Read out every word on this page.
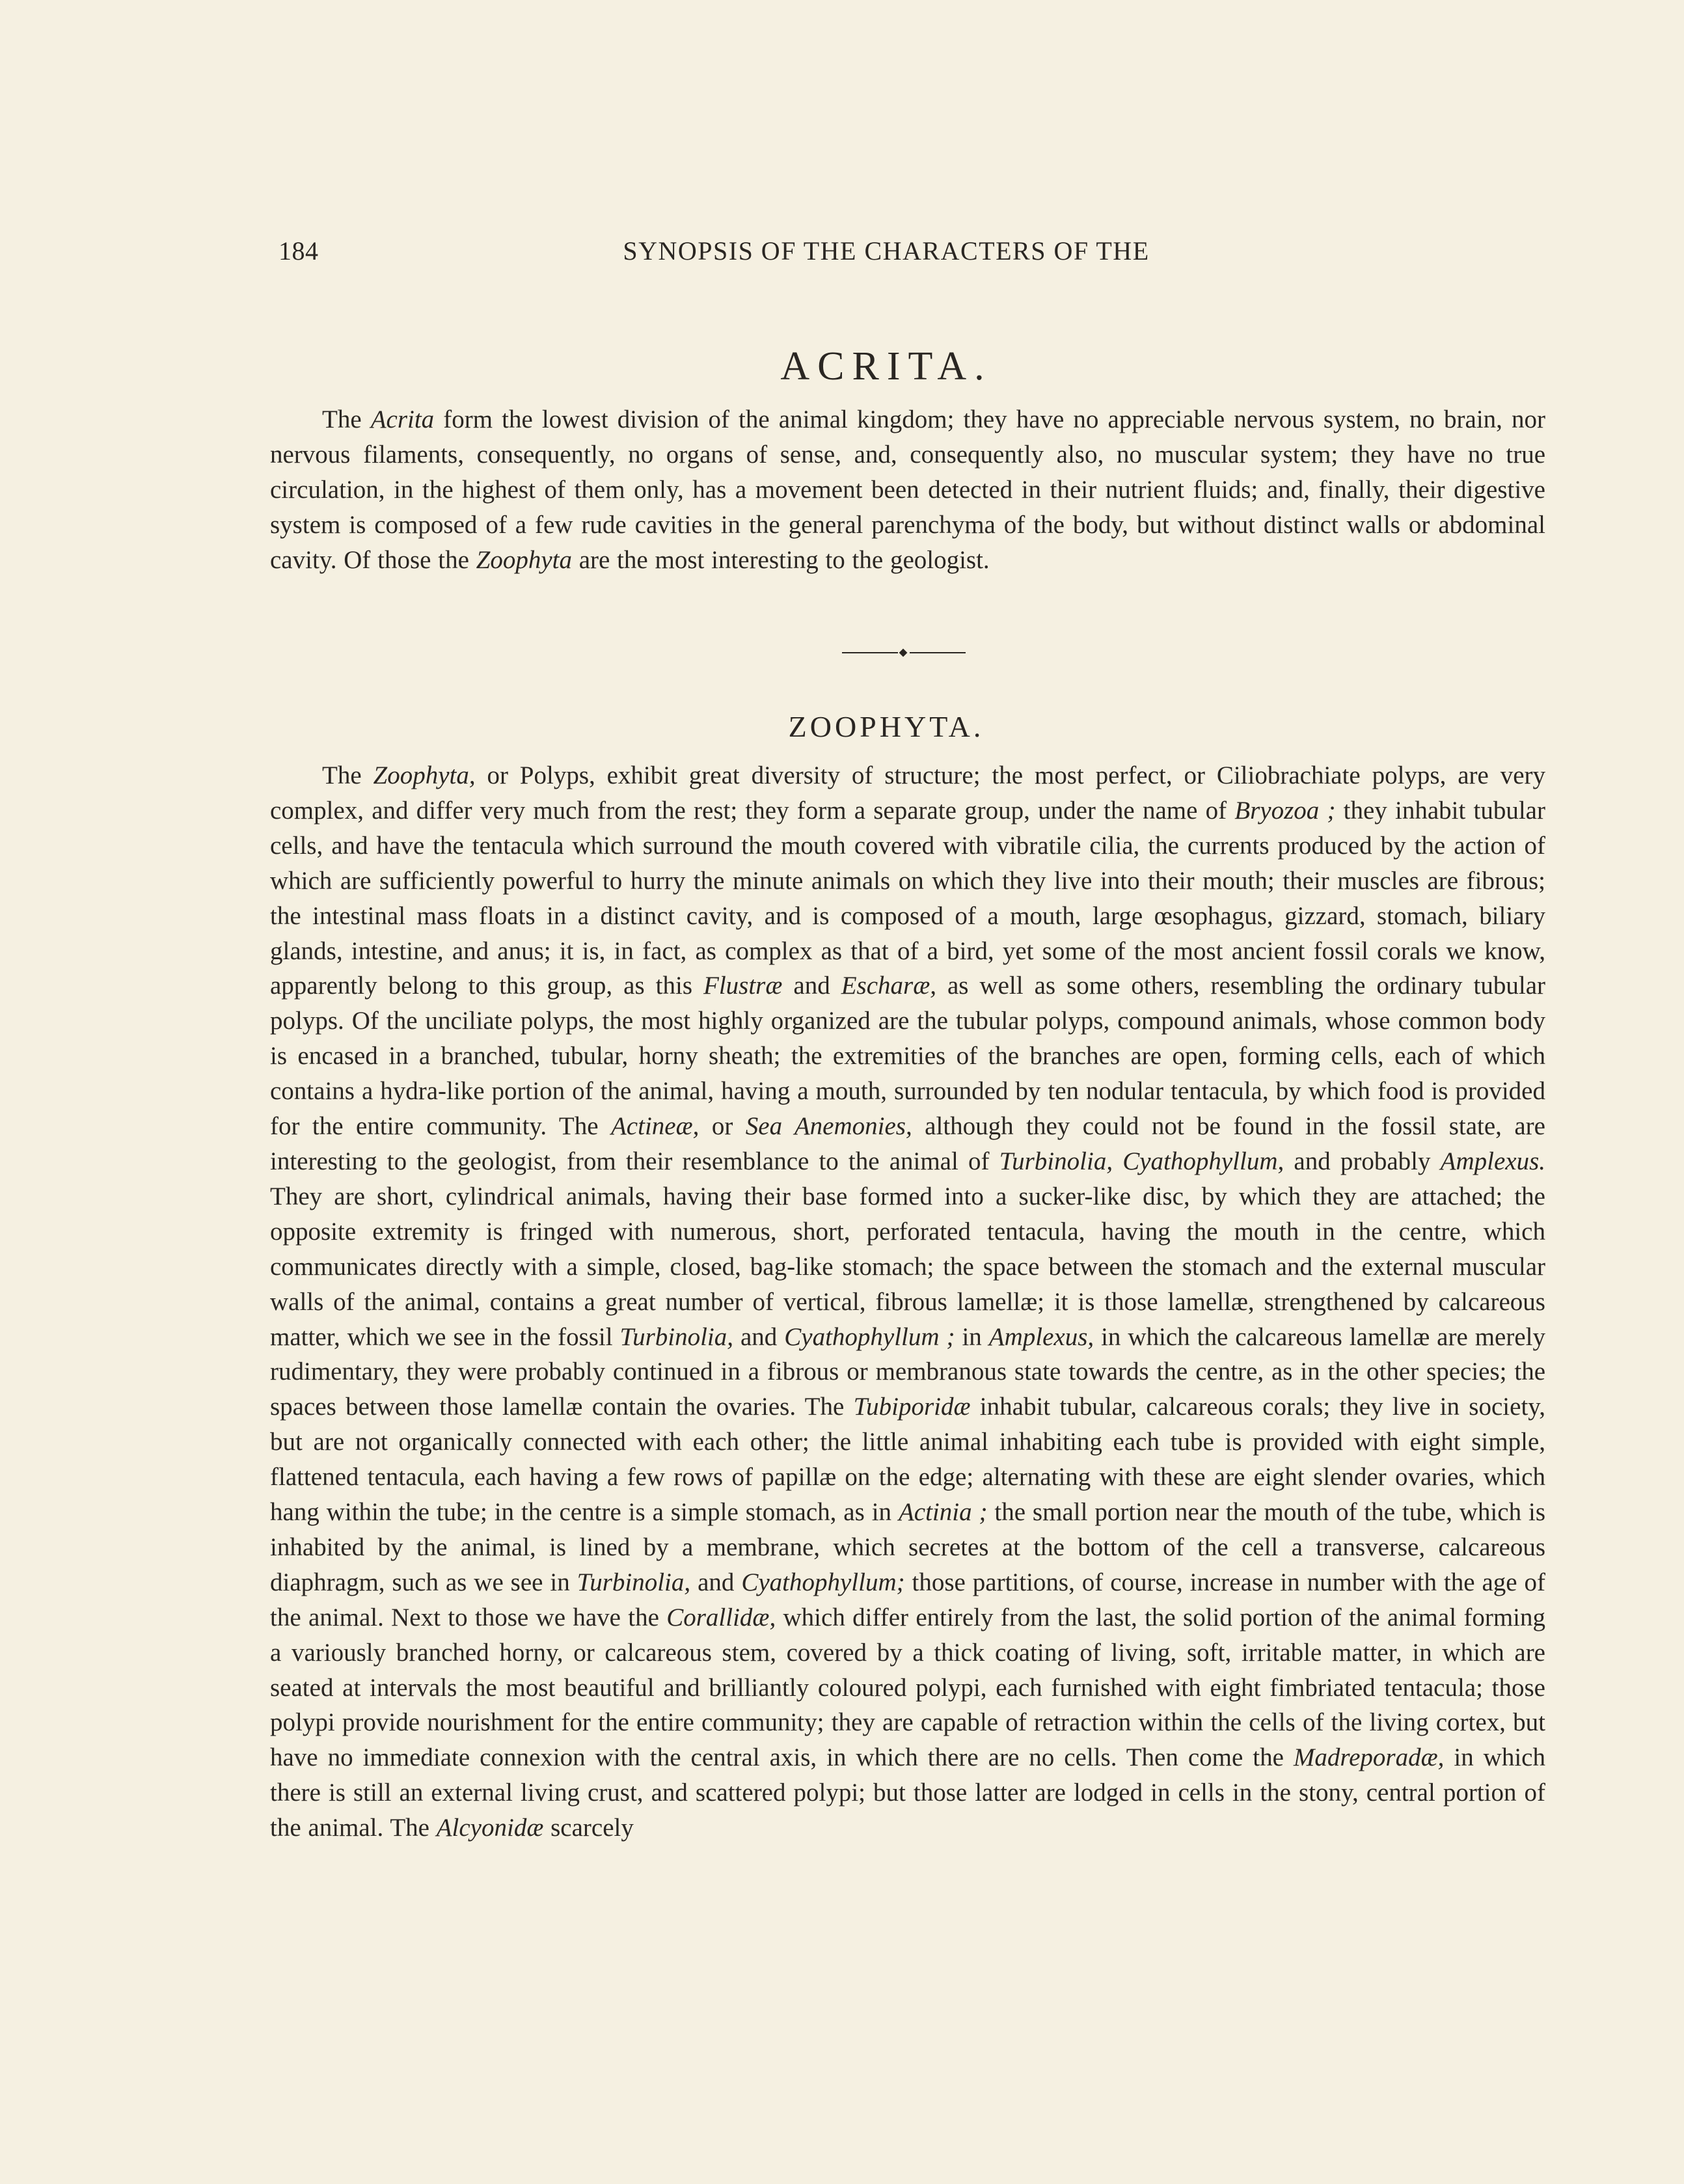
184	SYNOPSIS OF THE CHARACTERS OF THE
ACRITA.

The Acrita form the lowest division of the animal kingdom; they have no appreciable nervous system, no brain, nor nervous filaments, consequently, no organs of sense, and, consequently also, no muscular system; they have no true circulation, in the highest of them only, has a movement been detected in their nutrient fluids; and, finally, their digestive system is composed of a few rude cavities in the general parenchyma of the body, but without distinct walls or abdominal cavity. Of those the Zoophyta are the most interesting to the geologist.

ZOOPHYTA.

The Zoophyta, or Polyps, exhibit great diversity of structure; the most perfect, or Ciliobrachiate polyps, are very complex, and differ very much from the rest; they form a separate group, under the name of Bryozoa ; they inhabit tubular cells, and have the tentacula which surround the mouth covered with vibratile cilia, the currents produced by the action of which are sufficiently powerful to hurry the minute animals on which they live into their mouth; their muscles are fibrous; the intestinal mass floats in a distinct cavity, and is composed of a mouth, large œsophagus, gizzard, stomach, biliary glands, intestine, and anus; it is, in fact, as complex as that of a bird, yet some of the most ancient fossil corals we know, apparently belong to this group, as this Flustræ and Escharæ, as well as some others, resembling the ordinary tubular polyps. Of the unciliate polyps, the most highly organized are the tubular polyps, compound animals, whose common body is encased in a branched, tubular, horny sheath; the extremities of the branches are open, forming cells, each of which contains a hydra-like portion of the animal, having a mouth, surrounded by ten nodular tentacula, by which food is provided for the entire community. The Actineæ, or Sea Anemonies, although they could not be found in the fossil state, are interesting to the geologist, from their resemblance to the animal of Turbinolia, Cyathophyllum, and probably Amplexus. They are short, cylindrical animals, having their base formed into a sucker-like disc, by which they are attached; the opposite extremity is fringed with numerous, short, perforated tentacula, having the mouth in the centre, which communicates directly with a simple, closed, bag-like stomach; the space between the stomach and the external muscular walls of the animal, contains a great number of vertical, fibrous lamellæ; it is those lamellæ, strengthened by calcareous matter, which we see in the fossil Turbinolia, and Cyathophyllum ; in Amplexus, in which the calcareous lamellæ are merely rudimentary, they were probably continued in a fibrous or membranous state towards the centre, as in the other species; the spaces between those lamellæ contain the ovaries. The Tubiporidæ inhabit tubular, calcareous corals; they live in society, but are not organically connected with each other; the little animal inhabiting each tube is provided with eight simple, flattened tentacula, each having a few rows of papillæ on the edge; alternating with these are eight slender ovaries, which hang within the tube; in the centre is a simple stomach, as in Actinia ; the small portion near the mouth of the tube, which is inhabited by the animal, is lined by a membrane, which secretes at the bottom of the cell a transverse, calcareous diaphragm, such as we see in Turbinolia, and Cyathophyllum; those partitions, of course, increase in number with the age of the animal. Next to those we have the Corallidæ, which differ entirely from the last, the solid portion of the animal forming a variously branched horny, or calcareous stem, covered by a thick coating of living, soft, irritable matter, in which are seated at intervals the most beautiful and brilliantly coloured polypi, each furnished with eight fimbriated tentacula; those polypi provide nourishment for the entire community; they are capable of retraction within the cells of the living cortex, but have no immediate connexion with the central axis, in which there are no cells. Then come the Madreporadæ, in which there is still an external living crust, and scattered polypi; but those latter are lodged in cells in the stony, central portion of the animal. The Alcyonidæ scarcely
